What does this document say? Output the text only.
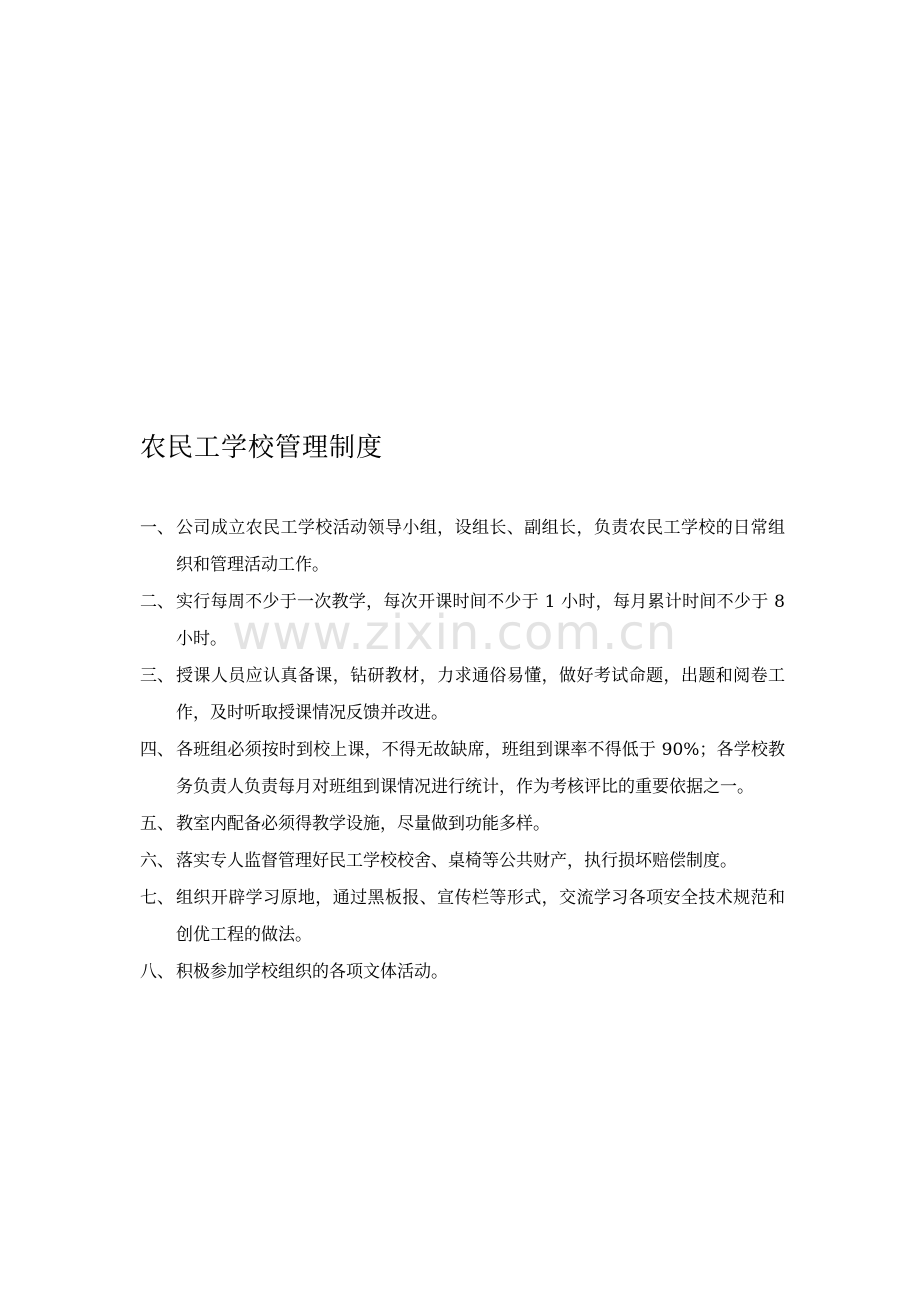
农民工学校管理制度
一、 公司成立农民工学校活动领导小组，设组长、副组长，负责农民工学校的日常组织和管理活动工作。
二、 实行每周不少于一次教学，每次开课时间不少于 1 小时，每月累计时间不少于 8 小时。
三、 授课人员应认真备课，钻研教材，力求通俗易懂，做好考试命题，出题和阅卷工作，及时听取授课情况反馈并改进。
四、 各班组必须按时到校上课，不得无故缺席，班组到课率不得低于 90%；各学校教务负责人负责每月对班组到课情况进行统计，作为考核评比的重要依据之一。
五、 教室内配备必须得教学设施，尽量做到功能多样。
六、 落实专人监督管理好民工学校校舍、桌椅等公共财产，执行损坏赔偿制度。
七、 组织开辟学习原地，通过黑板报、宣传栏等形式，交流学习各项安全技术规范和创优工程的做法。
八、 积极参加学校组织的各项文体活动。
www.zixin.com.cn
